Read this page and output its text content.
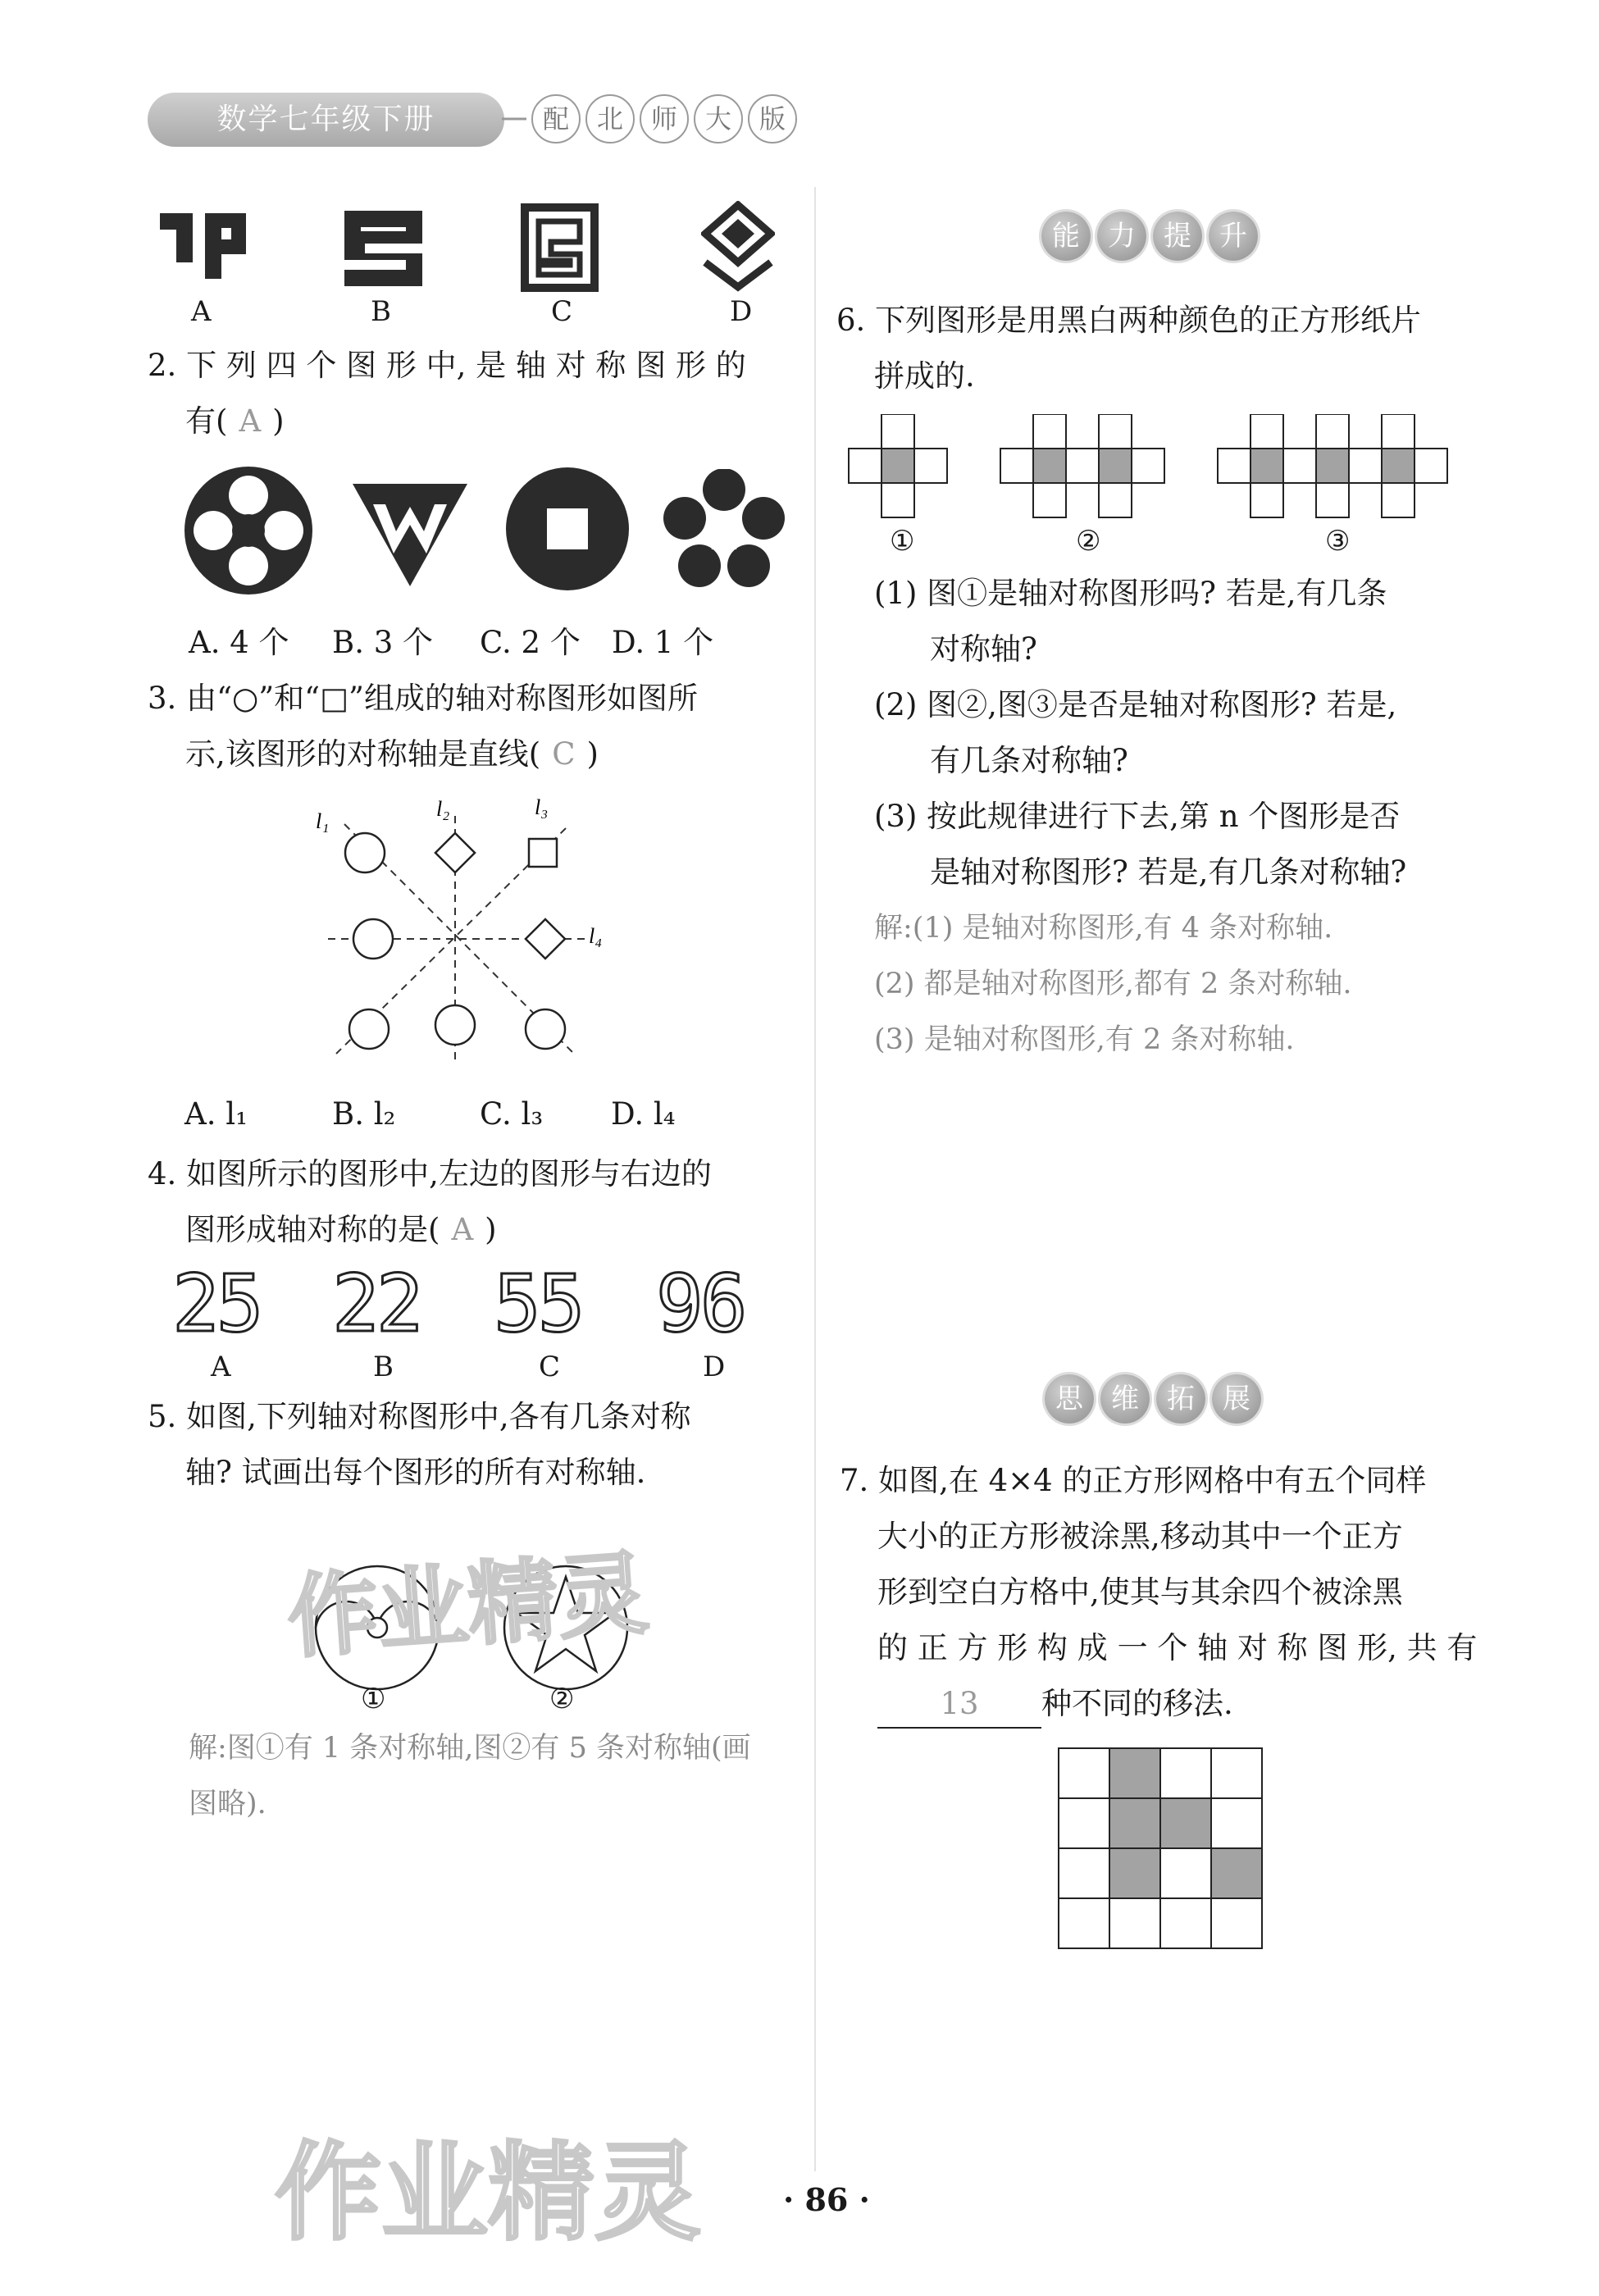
数学七年级下册	配	北	师	大	版
A	B	C	D
2. 下 列 四 个 图 形 中, 是 轴 对 称 图 形 的
有( A )
A. 4 个 B. 3 个 C. 2 个 D. 1 个
3. 由“○”和“□”组成的轴对称图形如图所
示,该图形的对称轴是直线( C )
l₁
l₂	l₃
l₄
A. l₁	B. l₂	C. l₃ D. l₄
4. 如图所示的图形中,左边的图形与右边的
图形成轴对称的是( A )
25 22 55 96
A	B	C	D
5. 如图,下列轴对称图形中,各有几条对称
轴? 试画出每个图形的所有对称轴.
①	②
解:图①有 1 条对称轴,图②有 5 条对称轴(画
图略).
能	力	提	升
6. 下列图形是用黑白两种颜色的正方形纸片
拼成的.
①	②	③
(1) 图①是轴对称图形吗? 若是,有几条
对称轴?
(2) 图②,图③是否是轴对称图形? 若是,
有几条对称轴?
(3) 按此规律进行下去,第 n 个图形是否
是轴对称图形? 若是,有几条对称轴?
解:(1) 是轴对称图形,有 4 条对称轴.
(2) 都是轴对称图形,都有 2 条对称轴.
(3) 是轴对称图形,有 2 条对称轴.
思	维	拓	展
7. 如图,在 4×4 的正方形网格中有五个同样
大小的正方形被涂黑,移动其中一个正方
形到空白方格中,使其与其余四个被涂黑
的 正 方 形 构 成 一 个 轴 对 称 图 形, 共 有
13 种不同的移法.
作业精灵
作业精灵	· 86 ·
